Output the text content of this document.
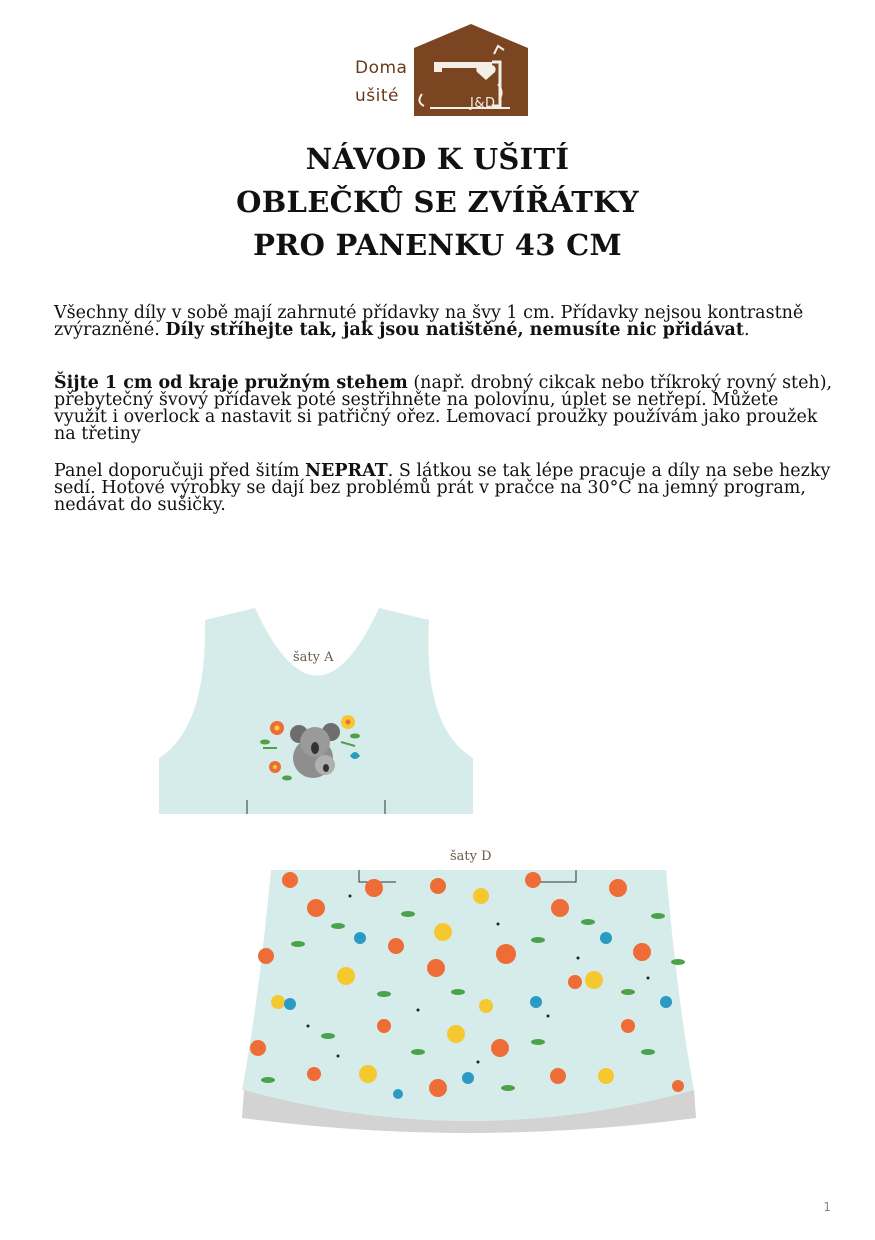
Doma
ušité	J&D
NÁVOD K UŠITÍ
OBLEČKŮ SE ZVÍŘÁTKY
PRO PANENKU 43 CM

Všechny díly v sobě mají zahrnuté přídavky na švy 1 cm. Přídavky nejsou kontrastně zvýrazněné. Díly stříhejte tak, jak jsou natištěné, nemusíte nic přidávat.

Šijte 1 cm od kraje pružným stehem (např. drobný cikcak nebo tříkroký rovný steh), přebytečný švový přídavek poté sestřihněte na polovinu, úplet se netřepí. Můžete využít i overlock a nastavit si patřičný ořez. Lemovací proužky používám jako proužek na třetiny

Panel doporučuji před šitím NEPRAT. S látkou se tak lépe pracuje a díly na sebe hezky sedí. Hotové výrobky se dají bez problémů prát v pračce na 30°C na jemný program, nedávat do sušičky.

šaty A
šaty D
1
